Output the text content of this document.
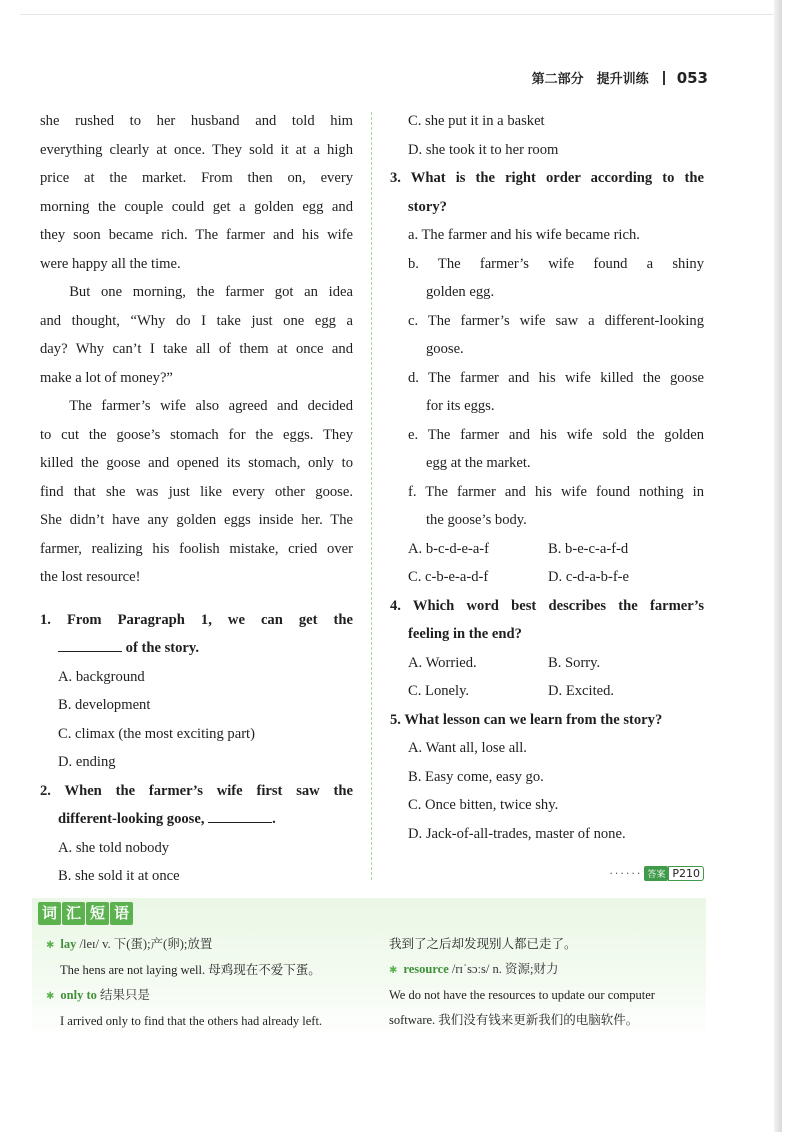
第二部分　提升训练 053
she rushed to her husband and told him
everything clearly at once. They sold it at a high
price at the market. From then on, every
morning the couple could get a golden egg and
they soon became rich. The farmer and his wife
were happy all the time.
But one morning, the farmer got an idea
and thought, “Why do I take just one egg a
day? Why can’t I take all of them at once and
make a lot of money?”
The farmer’s wife also agreed and decided
to cut the goose’s stomach for the eggs. They
killed the goose and opened its stomach, only to
find that she was just like every other goose.
She didn’t have any golden eggs inside her. The
farmer, realizing his foolish mistake, cried over
the lost resource!
1. From Paragraph 1, we can get the
of the story.
A. background
B. development
C. climax (the most exciting part)
D. ending
2. When the farmer’s wife first saw the
different-looking goose,	.
A. she told nobody
B. she sold it at once
C. she put it in a basket
D. she took it to her room
3. What is the right order according to the
story?
a. The farmer and his wife became rich.
b. The farmer’s wife found a shiny
golden egg.
c. The farmer’s wife saw a different-looking
goose.
d. The farmer and his wife killed the goose
for its eggs.
e. The farmer and his wife sold the golden
egg at the market.
f. The farmer and his wife found nothing in
the goose’s body.
A. b-c-d-e-a-f	B. b-e-c-a-f-d
C. c-b-e-a-d-f	D. c-d-a-b-f-e
4. Which word best describes the farmer’s
feeling in the end?
A. Worried.	B. Sorry.
C. Lonely.	D. Excited.
5. What lesson can we learn from the story?
A. Want all, lose all.
B. Easy come, easy go.
C. Once bitten, twice shy.
D. Jack-of-all-trades, master of none.
······ 答案 P210
词 汇 短 语
✱ lay /leɪ/ v. 下(蛋);产(卵);放置
The hens are not laying well. 母鸡现在不爱下蛋。
✱ only to 结果只是
I arrived only to find that the others had already left.
我到了之后却发现别人都已走了。
✱ resource /rɪˈsɔːs/ n. 资源;财力
We do not have the resources to update our computer
software. 我们没有钱来更新我们的电脑软件。
